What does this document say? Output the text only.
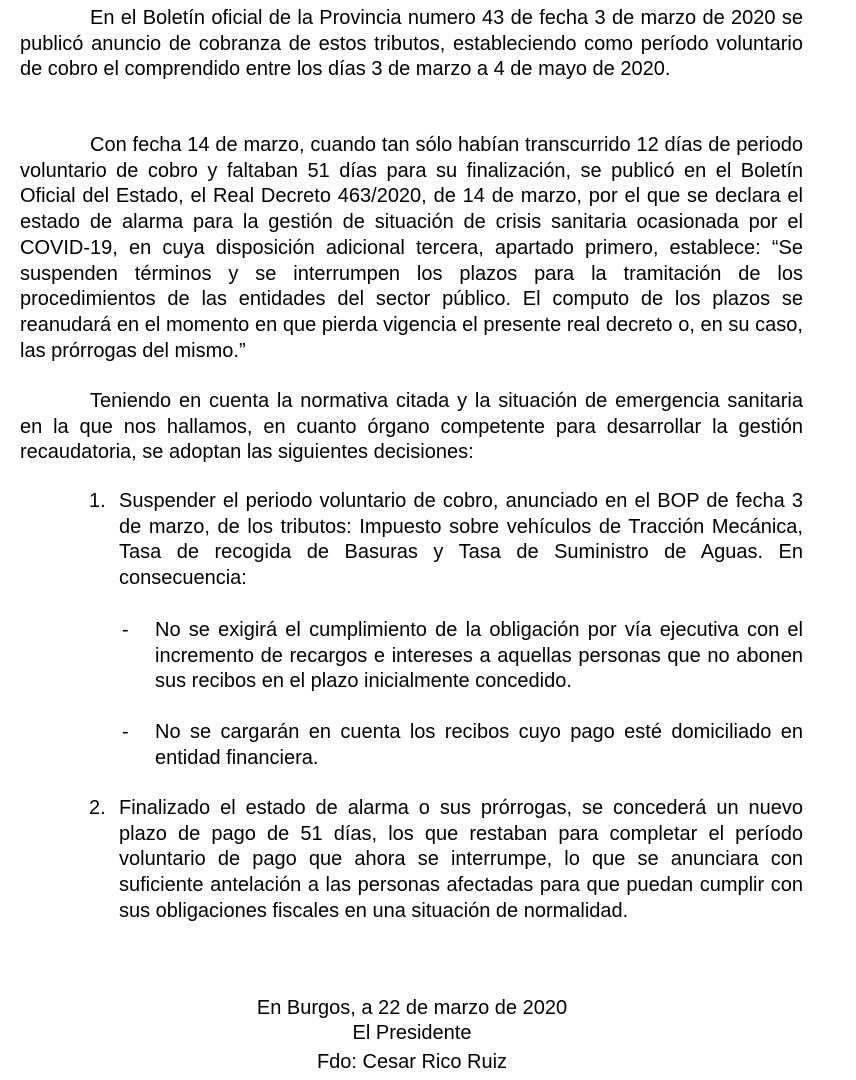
En el Boletín oficial de la Provincia numero 43 de fecha 3 de marzo de 2020 se publicó anuncio de cobranza de estos tributos, estableciendo como período voluntario de cobro el comprendido entre los días 3 de marzo a 4 de mayo de 2020.

Con fecha 14 de marzo, cuando tan sólo habían transcurrido 12 días de periodo voluntario de cobro y faltaban 51 días para su finalización, se publicó en el Boletín Oficial del Estado, el Real Decreto 463/2020, de 14 de marzo, por el que se declara el estado de alarma para la gestión de situación de crisis sanitaria ocasionada por el COVID-19, en cuya disposición adicional tercera, apartado primero, establece: “Se suspenden términos y se interrumpen los plazos para la tramitación de los procedimientos de las entidades del sector público. El computo de los plazos se reanudará en el momento en que pierda vigencia el presente real decreto o, en su caso, las prórrogas del mismo.”

Teniendo en cuenta la normativa citada y la situación de emergencia sanitaria en la que nos hallamos, en cuanto órgano competente para desarrollar la gestión recaudatoria, se adoptan las siguientes decisiones:

1. Suspender el periodo voluntario de cobro, anunciado en el BOP de fecha 3 de marzo, de los tributos: Impuesto sobre vehículos de Tracción Mecánica, Tasa de recogida de Basuras y Tasa de Suministro de Aguas. En consecuencia:
- No se exigirá el cumplimiento de la obligación por vía ejecutiva con el incremento de recargos e intereses a aquellas personas que no abonen sus recibos en el plazo inicialmente concedido.
- No se cargarán en cuenta los recibos cuyo pago esté domiciliado en entidad financiera.
2. Finalizado el estado de alarma o sus prórrogas, se concederá un nuevo plazo de pago de 51 días, los que restaban para completar el período voluntario de pago que ahora se interrumpe, lo que se anunciara con suficiente antelación a las personas afectadas para que puedan cumplir con sus obligaciones fiscales en una situación de normalidad.

En Burgos, a 22 de marzo de 2020

El Presidente

Fdo: Cesar Rico Ruiz
